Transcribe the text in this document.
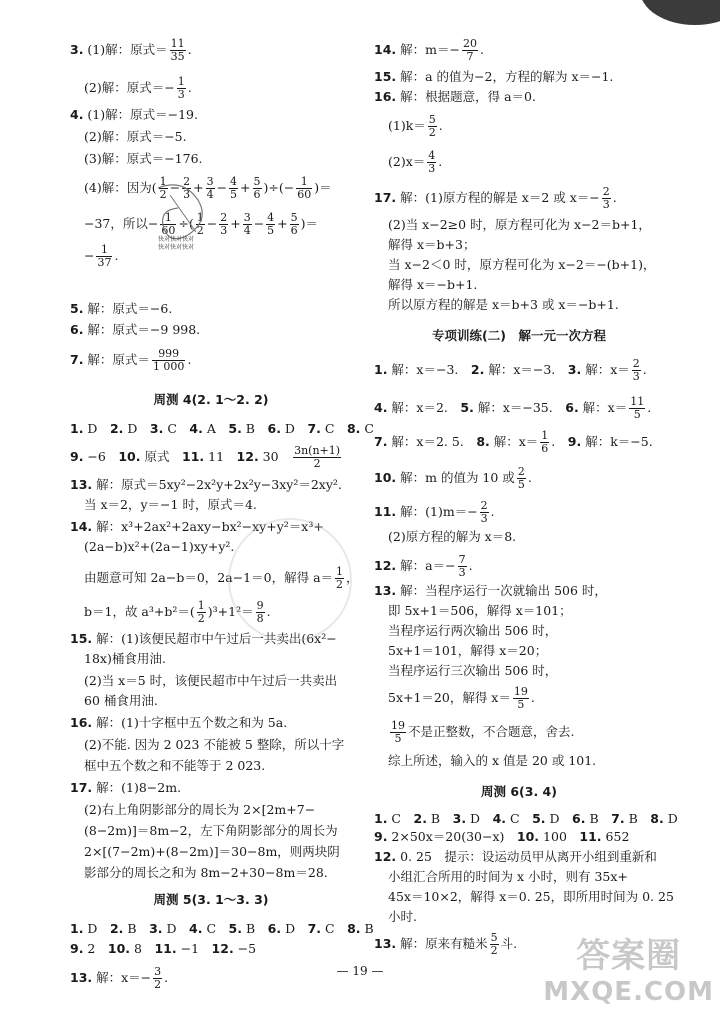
3. (1)解：原式＝ $\frac{11}{35}$ .
(2)解：原式＝− $\frac{1}{3}$ .
4. (1)解：原式＝−19.
(2)解：原式＝−5.
(3)解：原式＝−176.
(4)解：因为( $\frac{1}{2} - \frac{2}{3} + \frac{3}{4} - \frac{4}{5} + \frac{5}{6}$ )÷(− $\frac{1}{60}$ )＝
−37，所以− $\frac{1}{60}$ ÷( $\frac{1}{2} - \frac{2}{3} + \frac{3}{4} - \frac{4}{5} + \frac{5}{6}$ )＝
− $\frac{1}{37}$ .
5. 解：原式＝−6.
6. 解：原式＝−9 998.
7. 解：原式＝ $\frac{999}{1 000}$ .
1. D　2. D　3. C　4. A　5. B　6. D　7. C　8. C
9. −6　10. 原式　11. 11　12. 30　 $\frac{3n(n+1)}{2}$
13. 解：原式＝5xy²−2x²y+2x²y−3xy²＝2xy².
当 x＝2，y＝−1 时，原式＝4.
14. 解：x³+2ax²+2axy−bx²−xy+y²＝x³+
(2a−b)x²+(2a−1)xy+y².
由题意可知 2a−b＝0，2a−1＝0，解得 $a= \frac{1}{2}$ ，
b＝1，故 $a^3+b^2=( \frac{1}{2} )^3+1^2= \frac{9}{8}$ .
15. 解：(1)该便民超市中午过后一共卖出(6x²−
18x)桶食用油.
(2)当 x＝5 时，该便民超市中午过后一共卖出
60 桶食用油.
16. 解：(1)十字框中五个数之和为 5a.
(2)不能. 因为 2 023 不能被 5 整除，所以十字
框中五个数之和不能等于 2 023.
17. 解：(1)8−2m.
(2)右上角阴影部分的周长为 2×[2m+7−
(8−2m)]＝8m−2，左下角阴影部分的周长为
2×[(7−2m)+(8−2m)]＝30−8m，则两块阴
影部分的周长之和为 8m−2+30−8m＝28.
1. D　2. B　3. D　4. C　5. B　6. D　7. C　8. B
9. 2　10. 8　11. −1　12. −5
13. 解：$x=- \frac{3}{2}$ .
周测 4(2. 1～2. 2)
周测 5(3. 1～3. 3)
14. 解：$m=- \frac{20}{7}$ .
15. 解：a 的值为−2，方程的解为 x＝−1.
16. 解：根据题意，得 a＝0.
$(1)k= \frac{5}{2}$ .
$(2)x= \frac{4}{3}$ .
17. 解：(1)原方程的解是 x＝2 或 $x=- \frac{2}{3}$ .
(2)当 x−2≥0 时，原方程可化为 x−2＝b+1，
解得 x＝b+3；
当 x−2＜0 时，原方程可化为 x−2＝−(b+1)，
解得 x＝−b+1.
所以原方程的解是 x＝b+3 或 x＝−b+1.
1. 解：x＝−3.　2. 解：x＝−3.　3. 解：$x= \frac{2}{3}$ .
4. 解：x＝2.　5. 解：x＝−35.　6. 解：$x= \frac{11}{5}$ .
7. 解：x＝2. 5.　8. 解：$x= \frac{1}{6}$ .　9. 解：k＝−5.
10. 解：m 的值为 10 或 $\frac{2}{5}$ .
11. 解：$(1)m=- \frac{2}{3}$ .
(2)原方程的解为 x＝8.
12. 解：$a=- \frac{7}{3}$ .
13. 解：当程序运行一次就输出 506 时，
即 5x+1＝506，解得 x＝101；
当程序运行两次输出 506 时，
5x+1＝101，解得 x＝20；
当程序运行三次输出 506 时，
5x+1＝20，解得 $x= \frac{19}{5}$ .
$\frac{19}{5}$ 不是正整数，不合题意，舍去.
综上所述，输入的 x 值是 20 或 101.
1. C　2. B　3. D　4. C　5. D　6. B　7. B　8. D
9. 2×50x＝20(30−x)　10. 100　11. 652
12. 0. 25　提示：设运动员甲从离开小组到重新和
小组汇合所用的时间为 x 小时，则有 35x+
45x＝10×2，解得 x＝0. 25，即所用时间为 0. 25
小时.
13. 解：原来有糙米 $\frac{5}{2}$ 斗.
专项训练(二)　解一元一次方程
周测 6(3. 4)
快对快对快对
快对快对快对
— 19 —	答案圈
MXQE.COM
